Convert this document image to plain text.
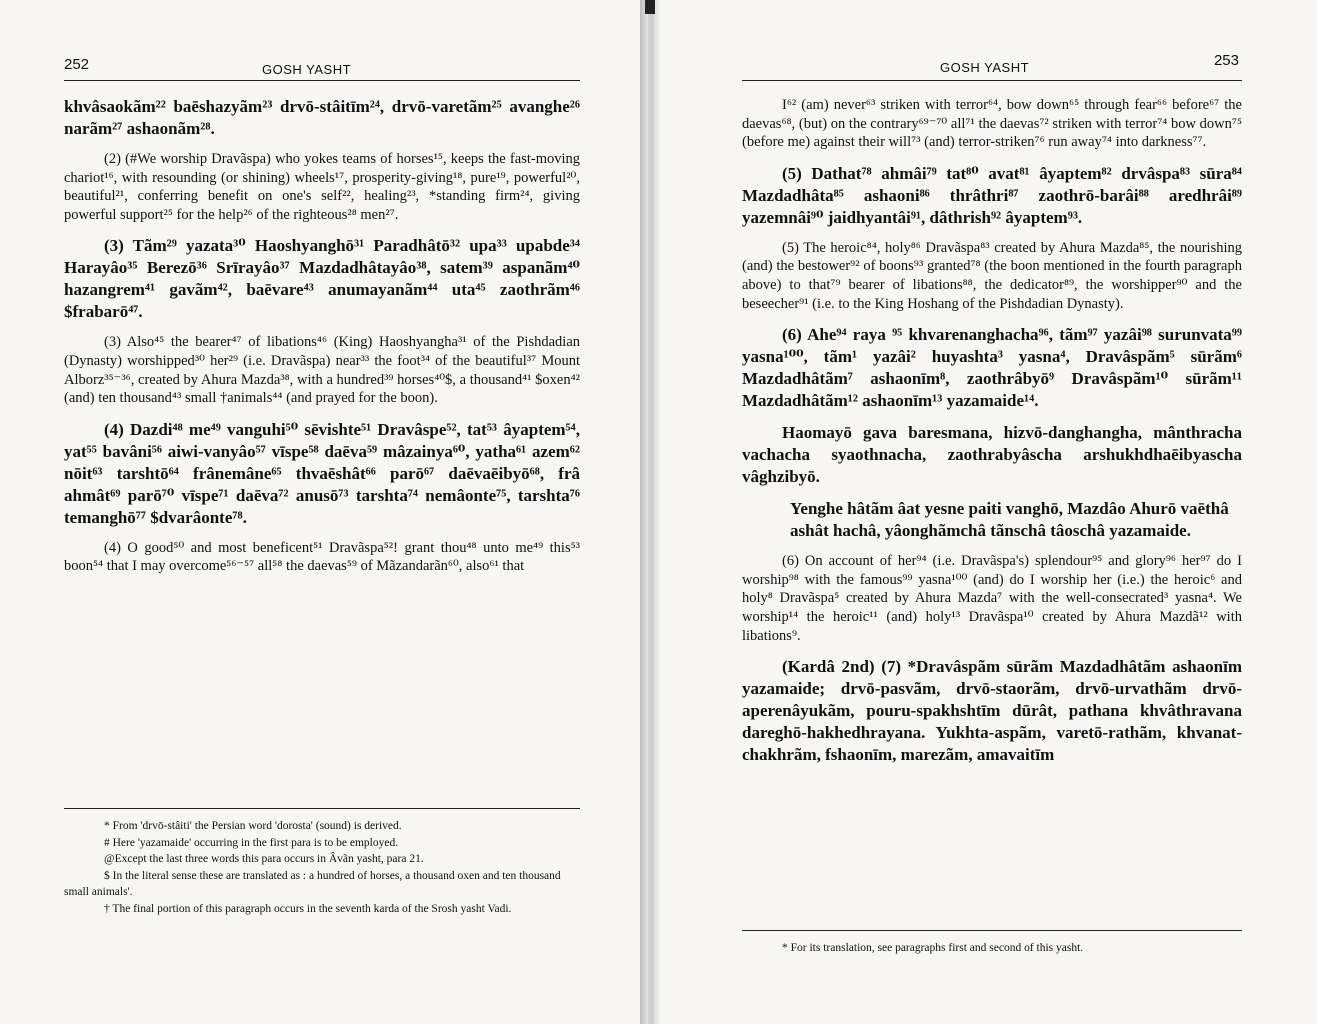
252	GOSH YASHT

khvâsaokãm²² baēshazyãm²³ drvō-stâitīm²⁴, drvō-varetãm²⁵ avanghe²⁶ narãm²⁷ ashaonãm²⁸.

(2) (#We worship Dravãspa) who yokes teams of horses¹⁵, keeps the fast-moving chariot¹⁶, with resounding (or shining) wheels¹⁷, prosperity-giving¹⁸, pure¹⁹, powerful²⁰, beautiful²¹, conferring benefit on one's self²², healing²³, *standing firm²⁴, giving powerful support²⁵ for the help²⁶ of the righteous²⁸ men²⁷.

(3) Tãm²⁹ yazata³⁰ Haoshyanghō³¹ Paradhâtō³² upa³³ upabde³⁴ Harayâo³⁵ Berezō³⁶ Srīrayâo³⁷ Mazdadhâtayâo³⁸, satem³⁹ aspanãm⁴⁰ hazangrem⁴¹ gavãm⁴², baēvare⁴³ anumayanãm⁴⁴ uta⁴⁵ zaothrãm⁴⁶ $frabarō⁴⁷.

(3) Also⁴⁵ the bearer⁴⁷ of libations⁴⁶ (King) Haoshyangha³¹ of the Pishdadian (Dynasty) worshipped³⁰ her²⁹ (i.e. Dravãspa) near³³ the foot³⁴ of the beautiful³⁷ Mount Alborz³⁵⁻³⁶, created by Ahura Mazda³⁸, with a hundred³⁹ horses⁴⁰$, a thousand⁴¹ $oxen⁴² (and) ten thousand⁴³ small †animals⁴⁴ (and prayed for the boon).

(4) Dazdi⁴⁸ me⁴⁹ vanguhi⁵⁰ sēvishte⁵¹ Dravâspe⁵², tat⁵³ âyaptem⁵⁴, yat⁵⁵ bavâni⁵⁶ aiwi-vanyâo⁵⁷ vīspe⁵⁸ daēva⁵⁹ mâzainya⁶⁰, yatha⁶¹ azem⁶² nōit⁶³ tarshtō⁶⁴ frânemâne⁶⁵ thvaēshât⁶⁶ parō⁶⁷ daēvaēibyō⁶⁸, frâ ahmât⁶⁹ parō⁷⁰ vīspe⁷¹ daēva⁷² anusō⁷³ tarshta⁷⁴ nemâonte⁷⁵, tarshta⁷⁶ temanghō⁷⁷ $dvarâonte⁷⁸.

(4) O good⁵⁰ and most beneficent⁵¹ Dravãspa⁵²! grant thou⁴⁸ unto me⁴⁹ this⁵³ boon⁵⁴ that I may overcome⁵⁶⁻⁵⁷ all⁵⁸ the daevas⁵⁹ of Mãzandarãn⁶⁰, also⁶¹ that

* From 'drvō-stâiti' the Persian word 'dorosta' (sound) is derived.

# Here 'yazamaide' occurring in the first para is to be employed.

@Except the last three words this para occurs in Âvãn yasht, para 21.

$ In the literal sense these are translated as : a hundred of horses, a thousand oxen and ten thousand small animals'.

† The final portion of this paragraph occurs in the seventh karda of the Srosh yasht Vadi.

253
GOSH YASHT

I⁶² (am) never⁶³ striken with terror⁶⁴, bow down⁶⁵ through fear⁶⁶ before⁶⁷ the daevas⁶⁸, (but) on the contrary⁶⁹⁻⁷⁰ all⁷¹ the daevas⁷² striken with terror⁷⁴ bow down⁷⁵ (before me) against their will⁷³ (and) terror-striken⁷⁶ run away⁷⁴ into darkness⁷⁷.

(5) Dathat⁷⁸ ahmâi⁷⁹ tat⁸⁰ avat⁸¹ âyaptem⁸² drvâspa⁸³ sūra⁸⁴ Mazdadhâta⁸⁵ ashaoni⁸⁶ thrâthri⁸⁷ zaothrō-barâi⁸⁸ aredhrâi⁸⁹ yazemnâi⁹⁰ jaidhyantâi⁹¹, dâthrish⁹² âyaptem⁹³.

(5) The heroic⁸⁴, holy⁸⁶ Dravãspa⁸³ created by Ahura Mazda⁸⁵, the nourishing (and) the bestower⁹² of boons⁹³ granted⁷⁸ (the boon mentioned in the fourth paragraph above) to that⁷⁹ bearer of libations⁸⁸, the dedicator⁸⁹, the worshipper⁹⁰ and the beseecher⁹¹ (i.e. to the King Hoshang of the Pishdadian Dynasty).

(6) Ahe⁹⁴ raya ⁹⁵ khvarenanghacha⁹⁶, tãm⁹⁷ yazâi⁹⁸ surunvata⁹⁹ yasna¹⁰⁰, tãm¹ yazâi² huyashta³ yasna⁴, Dravâspãm⁵ sūrãm⁶ Mazdadhâtãm⁷ ashaonīm⁸, zaothrâbyō⁹ Dravâspãm¹⁰ sūrãm¹¹ Mazdadhâtãm¹² ashaonīm¹³ yazamaide¹⁴.

Haomayō gava baresmana, hizvō-danghangha, mânthracha vachacha syaothnacha, zaothrabyâscha arshukhdhaēibyascha vâghzibyō.

Yenghe hâtãm âat yesne paiti vanghō, Mazdâo Ahurō vaēthâ ashât hachâ, yâonghãmchâ tãnschâ tâoschâ yazamaide.

(6) On account of her⁹⁴ (i.e. Dravãspa's) splendour⁹⁵ and glory⁹⁶ her⁹⁷ do I worship⁹⁸ with the famous⁹⁹ yasna¹⁰⁰ (and) do I worship her (i.e.) the heroic⁶ and holy⁸ Dravãspa⁵ created by Ahura Mazda⁷ with the well-consecrated³ yasna⁴. We worship¹⁴ the heroic¹¹ (and) holy¹³ Dravãspa¹⁰ created by Ahura Mazdã¹² with libations⁹.

(Kardâ 2nd) (7) *Dravâspãm sūrãm Mazdadhâtãm ashaonīm yazamaide; drvō-pasvãm, drvō-staorãm, drvō-urvathãm drvō-aperenâyukãm, pouru-spakhshtīm dūrât, pathana khvâthravana dareghō-hakhedhrayana. Yukhta-aspãm, varetō-rathãm, khvanat-chakhrãm, fshaonīm, marezãm, amavaitīm

* For its translation, see paragraphs first and second of this yasht.
